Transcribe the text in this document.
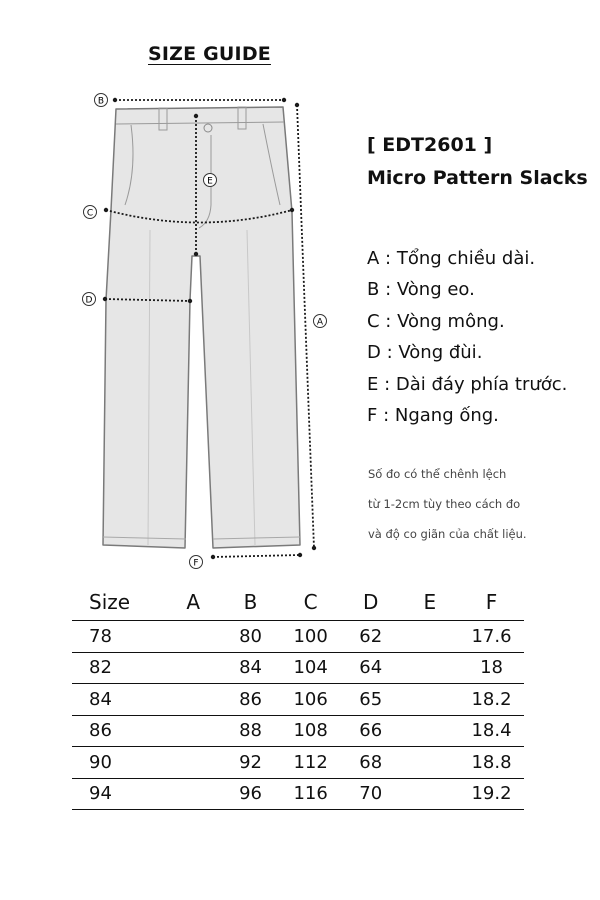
SIZE GUIDE
B
C
D
E
A
F
[ EDT2601 ]
Micro Pattern Slacks
A : Tổng chiều dài.
B : Vòng eo.
C : Vòng mông.
D : Vòng đùi.
E : Dài đáy phía trước.
F : Ngang ống.
Số đo có thể chênh lệch
từ 1-2cm tùy theo cách đo
và độ co giãn của chất liệu.
Size	A	B	C	D	E	F
78		80	100	62		17.6
82		84	104	64		18
84		86	106	65		18.2
86		88	108	66		18.4
90		92	112	68		18.8
94		96	116	70		19.2
